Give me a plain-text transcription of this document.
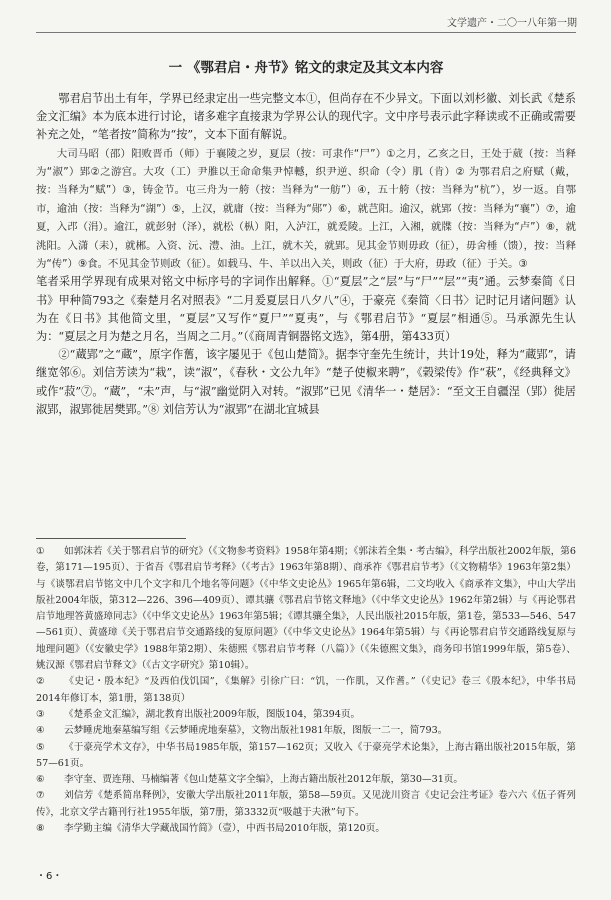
文学遗产・二〇一八年第一期
一 《鄂君启・舟节》铭文的隶定及其文本内容

鄂君启节出土有年，学界已经隶定出一些完整文本①，但尚存在不少异文。下面以刘杉徽、刘长武《楚系金文汇编》本为底本进行讨论，诸多难字直接隶为学界公认的现代字。文中序号表示此字释读或不正确或需要补充之处，“笔者按”简称为“按”，文本下面有解说。

大司马昭（邵）阳败晋币（师）于襄陵之岁，夏层（按：可隶作“尸”）①之月，乙亥之日，王处于葳（按：当释为“淑”）郢②之游宫。大攻（工）尹脽以王命命集尹悼轗，织尹逆、织命（令）肌（肯）② 为鄂君启之府赋（戴，按：当释为“赋”）③，铸金节。屯三舟为一舿（按：当释为“一舫”）④，五十舿（按：当释为“杭”），岁一返。自鄂市，逾油（按：当释为“湖”）⑤，上汉，就庸（按：当释为“郧”）⑥，就芑阳。逾汉，就郢（按：当释为“襄”）⑦，逾夏，入邔（涓）。逾江，就彭射（泽），就松（枞）阳，入泸江，就爰陵。上江，入湘，就牒（按：当释为“卢”）⑧，就洮阳。入潇（耒），就郴。入资、沅、澧、油。上江，就木关，就郢。见其金节则毋政（征），毋舍棰（馈），按：当释为“传”）⑨食。不见其金节则政（征）。如载马、牛、羊以出入关，则政（征）于大府，毋政（征）于关。③

笔者采用学界现有成果对铭文中标序号的字词作出解释。①“夏层”之“层”与“尸”“层”“夷”通。云梦秦简《日书》甲种简793之《秦楚月名对照表》“二月爰夏层日八夕八”④，于豪亮《秦简〈日书〉记时记月诸问题》认为在《日书》其他简文里，“夏层”又写作“夏尸”“夏夷”，与《鄂君启节》“夏层”相通⑤。马承源先生认为：“夏层之月为楚之月名，当周之二月。”（《商周青铜器铭文选》，第4册，第433页）

②“蔵郢”之“蔵”，原字作𦾔，该字屡见于《包山楚简》。据李守奎先生统计，共计19处，释为“蔵郢”，请继宽邻⑥。刘信芳读为“栽”，读“淑”，《春秋・文公九年》“楚子使椒来聘”，《榖梁传》作“萩”，《经典释文》或作“菽”⑦。“蔵”，“未”声，与“淑”幽觉阴入对转。“淑郢”已见《清华一・楚居》：“至文王自疆浧（郢）徙居淑郢，淑郢徙居樊郢。”⑧ 刘信芳认为“淑郢”在湖北宜城县

① 如郭沫若《关于鄂君启节的研究》（《文物参考资料》1958年第4期；《郭沫若全集・考古编》，科学出版社2002年版，第6卷，第171—195页）、于省吾《鄂君启节考释》（《考古》1963年第8期）、商承祚《鄂君启节考》（《文物精华》1963年第2集）与《谈鄂君启节铭文中几个文字和几个地名等问题》（《中华文史论丛》1965年第6辑，二文均收入《商承祚文集》，中山大学出版社2004年版，第312—226、396—409页）、谭其骧《鄂君启节铭文释地》（《中华文史论丛》1962年第2辑）与《再论鄂君启节地理答黄盛璋同志》（《中华文史论丛》1963年第5辑；《谭其骧全集》，人民出版社2015年版，第1卷，第533—546、547—561页）、黄盛璋《关于鄂君启节交通路线的复原问题》（《中华文史论丛》1964年第5辑）与《再论鄂君启节交通路线复原与地理问题》（《安徽史学》1988年第2期）、朱德熙《鄂君启节考释（八篇）》（《朱德熙文集》，商务印书馆1999年版，第5卷）、姚汉源《鄂君启节释文》（《古文字研究》第10辑）。

② 《史记・殷本纪》“及西伯伐饥国”，《集解》引徐广曰：“饥，一作肌，又作耆。”（《史记》卷三《殷本纪》，中华书局2014年修订本，第1册，第138页）

③ 《楚系金文汇编》，湖北教育出版社2009年版，图版104，第394页。

④ 云梦睡虎地秦墓编写组《云梦睡虎地秦墓》，文物出版社1981年版，图版一二一，简793。

⑤ 《于豪亮学术文存》，中华书局1985年版，第157—162页；又收入《于豪亮学术论集》，上海古籍出版社2015年版，第57—61页。

⑥ 李守奎、贾连翔、马楠编著《包山楚墓文字全编》，上海古籍出版社2012年版，第30—31页。

⑦ 刘信芳《楚系简帛释例》，安徽大学出版社2011年版，第58—59页。又见泷川资言《史记会注考证》卷六六《伍子胥列传》，北京文学古籍刊行社1955年版，第7册，第3332页“吸越于夫湫”句下。

⑧ 李学勤主编《清华大学藏战国竹简》（壹），中西书局2010年版，第120页。

・6・
